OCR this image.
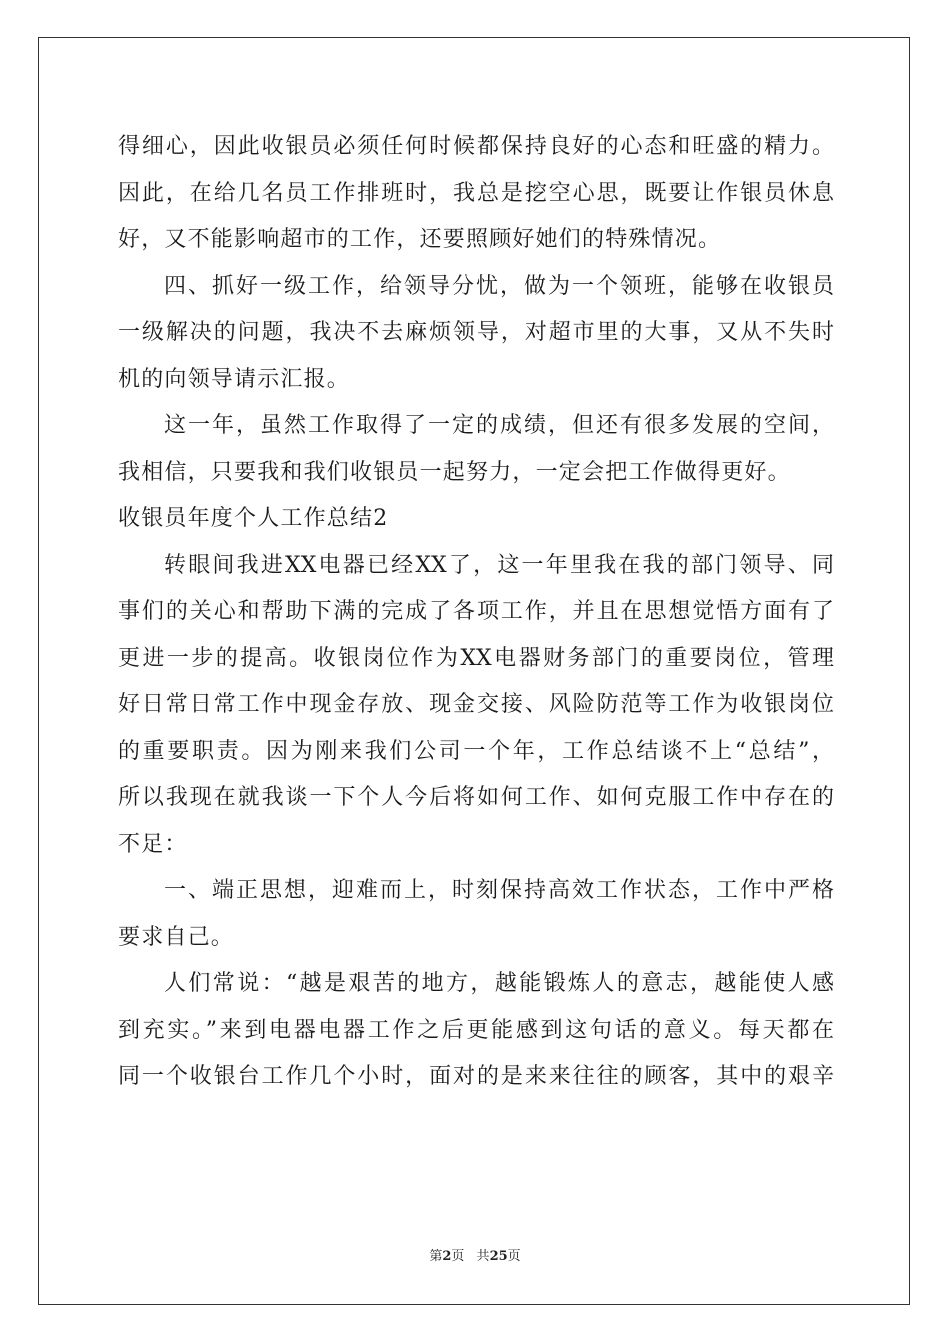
得细心，因此收银员必须任何时候都保持良好的心态和旺盛的精力。
因此，在给几名员工作排班时，我总是挖空心思，既要让作银员休息
好，又不能影响超市的工作，还要照顾好她们的特殊情况。
四、抓好一级工作，给领导分忧，做为一个领班，能够在收银员
一级解决的问题，我决不去麻烦领导，对超市里的大事，又从不失时
机的向领导请示汇报。
这一年，虽然工作取得了一定的成绩，但还有很多发展的空间，
我相信，只要我和我们收银员一起努力，一定会把工作做得更好。
收银员年度个人工作总结2
转眼间我进XX电器已经XX了，这一年里我在我的部门领导、同
事们的关心和帮助下满的完成了各项工作，并且在思想觉悟方面有了
更进一步的提高。收银岗位作为XX电器财务部门的重要岗位，管理
好日常日常工作中现金存放、现金交接、风险防范等工作为收银岗位
的重要职责。因为刚来我们公司一个年，工作总结谈不上“总结”，
所以我现在就我谈一下个人今后将如何工作、如何克服工作中存在的
不足：
一、端正思想，迎难而上，时刻保持高效工作状态，工作中严格
要求自己。
人们常说：“越是艰苦的地方，越能锻炼人的意志，越能使人感
到充实。”来到电器电器工作之后更能感到这句话的意义。每天都在
同一个收银台工作几个小时，面对的是来来往往的顾客，其中的艰辛
第2页 共25页
